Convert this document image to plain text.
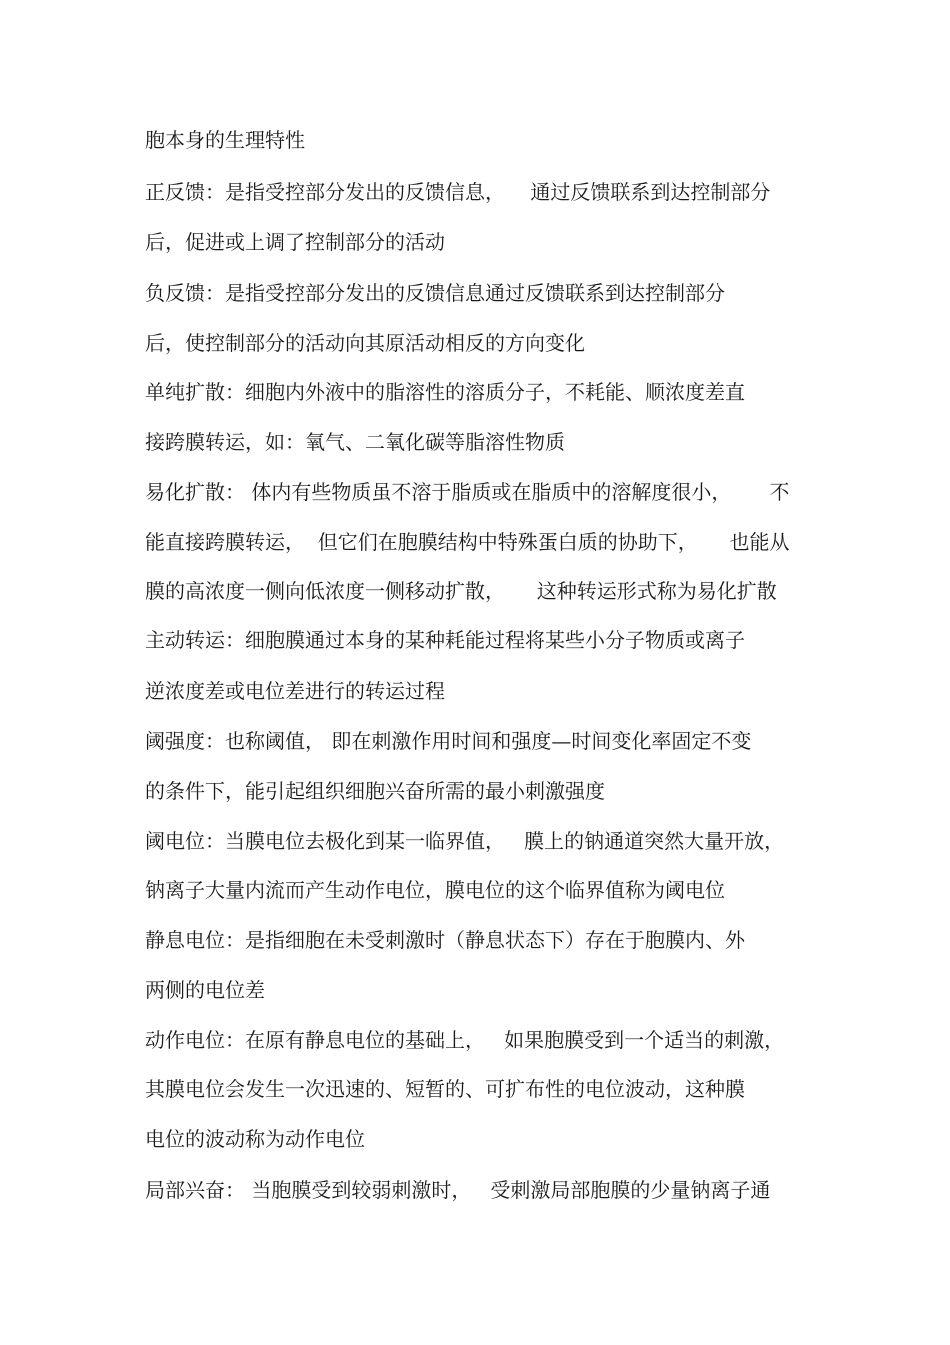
胞本身的生理特性

正反馈：是指受控部分发出的反馈信息，    通过反馈联系到达控制部分

后，促进或上调了控制部分的活动

负反馈：是指受控部分发出的反馈信息通过反馈联系到达控制部分

后，使控制部分的活动向其原活动相反的方向变化

单纯扩散：细胞内外液中的脂溶性的溶质分子，不耗能、顺浓度差直

接跨膜转运，如：氧气、二氧化碳等脂溶性物质

易化扩散： 体内有些物质虽不溶于脂质或在脂质中的溶解度很小，      不

能直接跨膜转运，  但它们在胞膜结构中特殊蛋白质的协助下，     也能从

膜的高浓度一侧向低浓度一侧移动扩散，     这种转运形式称为易化扩散

主动转运：细胞膜通过本身的某种耗能过程将某些小分子物质或离子

逆浓度差或电位差进行的转运过程

阈强度：也称阈值， 即在刺激作用时间和强度—时间变化率固定不变

的条件下，能引起组织细胞兴奋所需的最小刺激强度

阈电位：当膜电位去极化到某一临界值，   膜上的钠通道突然大量开放，

钠离子大量内流而产生动作电位，膜电位的这个临界值称为阈电位

静息电位：是指细胞在未受刺激时（静息状态下）存在于胞膜内、外

两侧的电位差

动作电位：在原有静息电位的基础上，   如果胞膜受到一个适当的刺激，

其膜电位会发生一次迅速的、短暂的、可扩布性的电位波动，这种膜

电位的波动称为动作电位

局部兴奋： 当胞膜受到较弱刺激时，   受刺激局部胞膜的少量钠离子通
